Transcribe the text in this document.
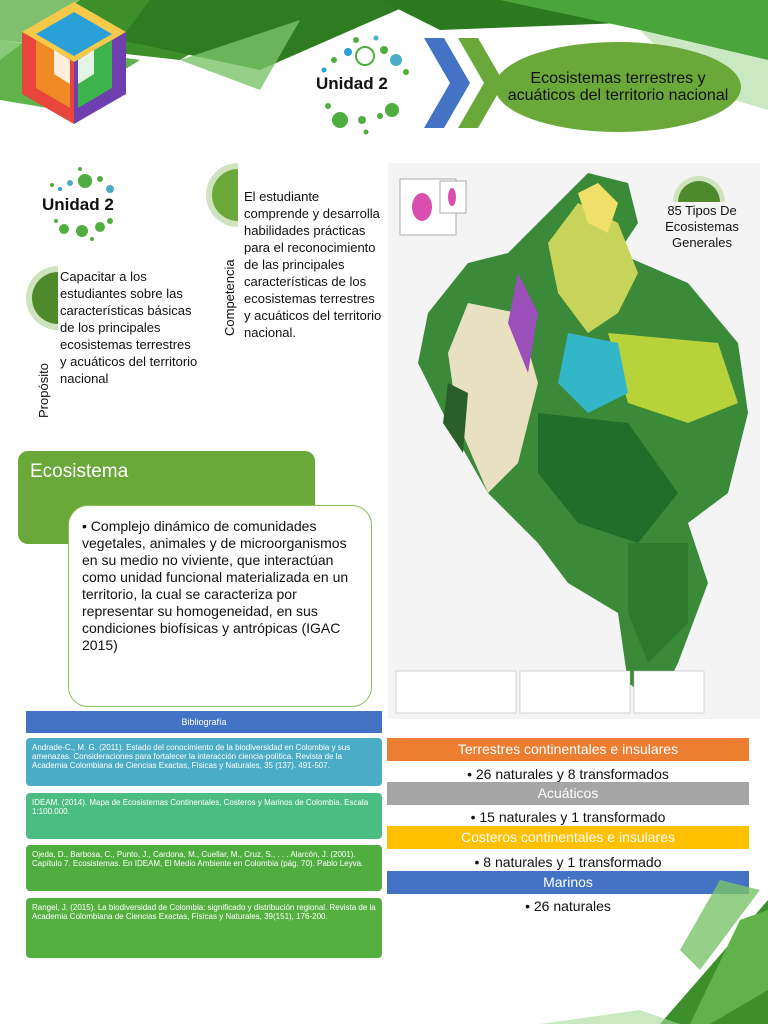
Unidad 2	Ecosistemas terrestres y acuáticos del territorio nacional
Unidad 2
Propósito
Capacitar a los estudiantes sobre las características básicas de los principales ecosistemas terrestres y acuáticos del territorio nacional
Competencia
El estudiante comprende y desarrolla habilidades prácticas para el reconocimiento de las principales características de los ecosistemas terrestres y acuáticos del territorio nacional.
Ecosistema
• Complejo dinámico de comunidades vegetales, animales y de microorganismos en su medio no viviente, que interactúan como unidad funcional materializada en un territorio, la cual se caracteriza por representar su homogeneidad, en sus condiciones biofísicas y antrópicas (IGAC 2015)
85 Tipos De Ecosistemas Generales
Bibliografía
Andrade-C., M. G. (2011). Estado del conocimiento de la biodiversidad en Colombia y sus amenazas. Consideraciones para fortalecer la interacción ciencia-política. Revista de la Academia Colombiana de Ciencias Exactas, Físicas y Naturales, 35 (137). 491-507.
IDEAM. (2014). Mapa de Ecosistemas Continentales, Costeros y Marinos de Colombia. Escala 1:100.000.
Ojeda, D., Barbosa, C., Punto, J., Cardona, M., Cuellar, M., Cruz, S., . . . Alarcón, J. (2001). Capítulo 7. Ecosistemas. En IDEAM, El Medio Ambiente en Colombia (pág. 70). Pablo Leyva.
Rangel, J. (2015). La biodiversidad de Colombia: significado y distribución regional. Revista de la Academia Colombiana de Ciencias Exactas, Físicas y Naturales, 39(151), 176-200.
Terrestres continentales e insulares
• 26 naturales y 8 transformados
Acuáticos
• 15 naturales y 1 transformado
Costeros continentales e insulares
• 8 naturales y 1 transformado
Marinos
• 26 naturales
